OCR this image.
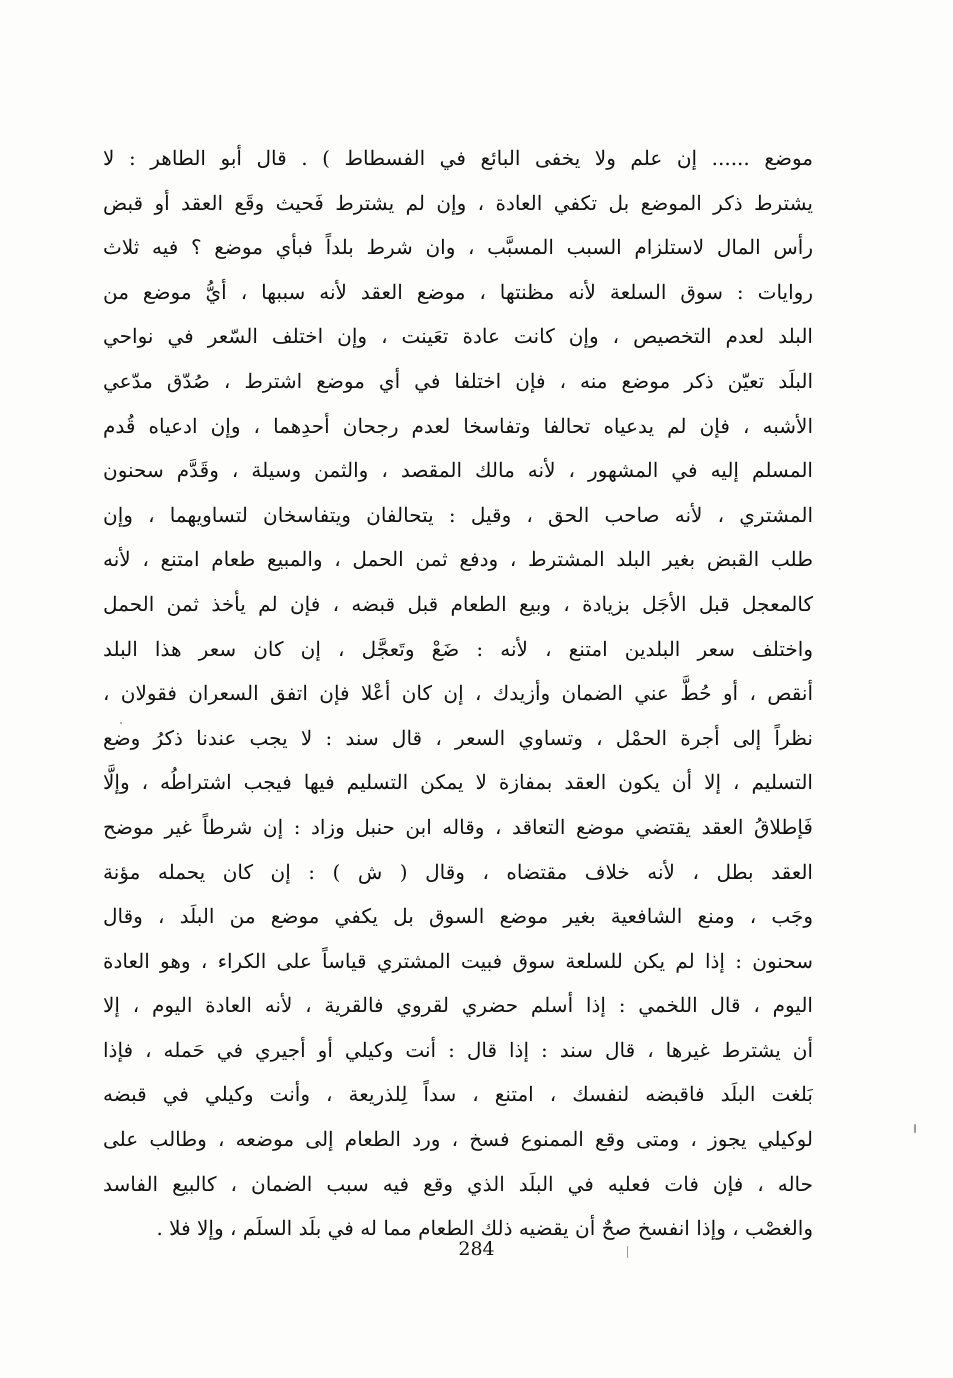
موضع ...... إن علم ولا يخفى البائع في الفسطاط ) . قال أبو الطاهر : لا
يشترط ذكر الموضع بل تكفي العادة ، وإن لم يشترط فَحيث وقَع العقد أو قبض
رأس المال لاستلزام السبب المسبَّب ، وان شرط بلداً فبأي موضع ؟ فيه ثلاث
روايات : سوق السلعة لأنه مظنتها ، موضع العقد لأنه سببها ، أيُّ موضع من
البلد لعدم التخصيص ، وإن كانت عادة تعَينت ، وإن اختلف السّعر في نواحي
البلَد تعيّن ذكر موضع منه ، فإن اختلفا في أي موضع اشترط ، صُدّق مدّعي
الأشبه ، فإن لم يدعياه تحالفا وتفاسخا لعدم رجحان أحدِهما ، وإن ادعياه قُدم
المسلم إليه في المشهور ، لأنه مالك المقصد ، والثمن وسيلة ، وقَدَّم سحنون
المشتري ، لأنه صاحب الحق ، وقيل : يتحالفان ويتفاسخان لتساويهما ، وإن
طلب القبض بغير البلد المشترط ، ودفع ثمن الحمل ، والمبيع طعام امتنع ، لأنه
كالمعجل قبل الأجَل بزيادة ، وبيع الطعام قبل قبضه ، فإن لم يأخذ ثمن الحمل
واختلف سعر البلدين امتنع ، لأنه : ضَعْ وتَعجَّل ، إن كان سعر هذا البلد
أنقص ، أو حُطَّ عني الضمان وأزيدك ، إن كان أعْلا فإن اتفق السعران فقولان ،
نظراً إلى أجرة الحمْل ، وتساوي السعر ، قال سند : لا يجب عندنا ذكرُ وضع
التسليم ، إلا أن يكون العقد بمفازة لا يمكن التسليم فيها فيجب اشتراطُه ، وإلَّا
فَإطلاقُ العقد يقتضي موضع التعاقد ، وقاله ابن حنبل وزاد : إن شرطاً غير موضح
العقد بطل ، لأنه خلاف مقتضاه ، وقال ( ش ) : إن كان يحمله مؤنة
وجَب ، ومنع الشافعية بغير موضع السوق بل يكفي موضع من البلَد ، وقال
سحنون : إذا لم يكن للسلعة سوق فبيت المشتري قياساً على الكراء ، وهو العادة
اليوم ، قال اللخمي : إذا أسلم حضري لقروي فالقرية ، لأنه العادة اليوم ، إلا
أن يشترط غيرها ، قال سند : إذا قال : أنت وكيلي أو أجيري في حَمله ، فإذا
بَلغت البلَد فاقبضه لنفسك ، امتنع ، سداً لِلذريعة ، وأنت وكيلي في قبضه
لوكيلي يجوز ، ومتى وقع الممنوع فسخ ، ورد الطعام إلى موضعه ، وطالب على
حاله ، فإن فات فعليه في البلَد الذي وقع فيه سبب الضمان ، كالبيع الفاسد
والغصْب ، وإذا انفسخ صحٌ أن يقضيه ذلك الطعام مما له في بلَد السلَم ، وإلا فلا .
284
